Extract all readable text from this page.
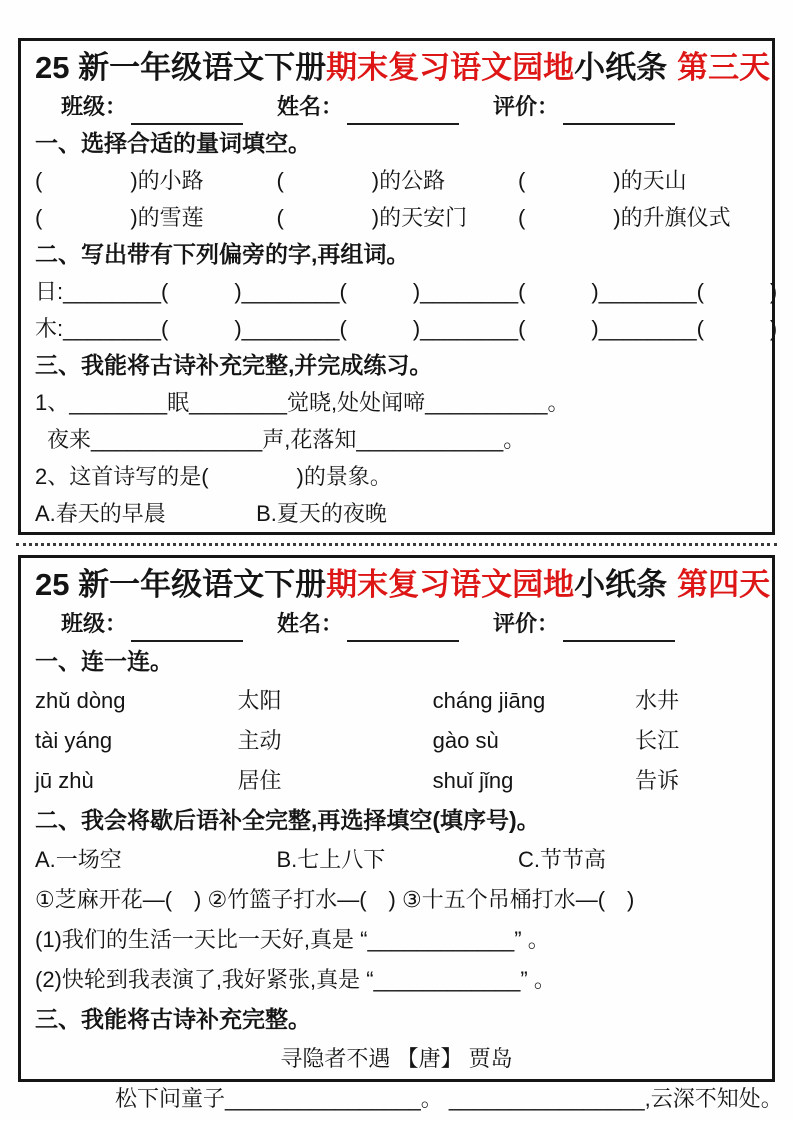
25 新一年级语文下册期末复习语文园地小纸条 第三天
班级：	姓名：	评价：
一、选择合适的量词填空。
(　　　　)的小路	(　　　　)的公路	(　　　　)的天山
(　　　　)的雪莲	(　　　　)的天安门	(　　　　)的升旗仪式
二、写出带有下列偏旁的字,再组词。
日:________(　　　)________(　　　)________(　　　)________(　　　)
木:________(　　　)________(　　　)________(　　　)________(　　　)
三、我能将古诗补充完整,并完成练习。
1、________眠________觉晓,处处闻啼__________。
夜来______________声,花落知____________。
2、这首诗写的是(　　　　)的景象。
A.春天的早晨	B.夏天的夜晚
25 新一年级语文下册期末复习语文园地小纸条 第四天
班级：	姓名：	评价：
一、连一连。
zhǔ dòng	太阳	cháng jiāng	水井
tài yáng	主动	gào sù	长江
jū zhù	居住	shuǐ jǐng	告诉
二、我会将歇后语补全完整,再选择填空(填序号)。
A.一场空	B.七上八下	C.节节高
①芝麻开花—(　) ②竹篮子打水—(　) ③十五个吊桶打水—(　)
(1)我们的生活一天比一天好,真是 “____________” 。
(2)快轮到我表演了,我好紧张,真是 “____________” 。
三、我能将古诗补充完整。
寻隐者不遇 【唐】 贾岛
松下问童子________________。 ________________,云深不知处。
